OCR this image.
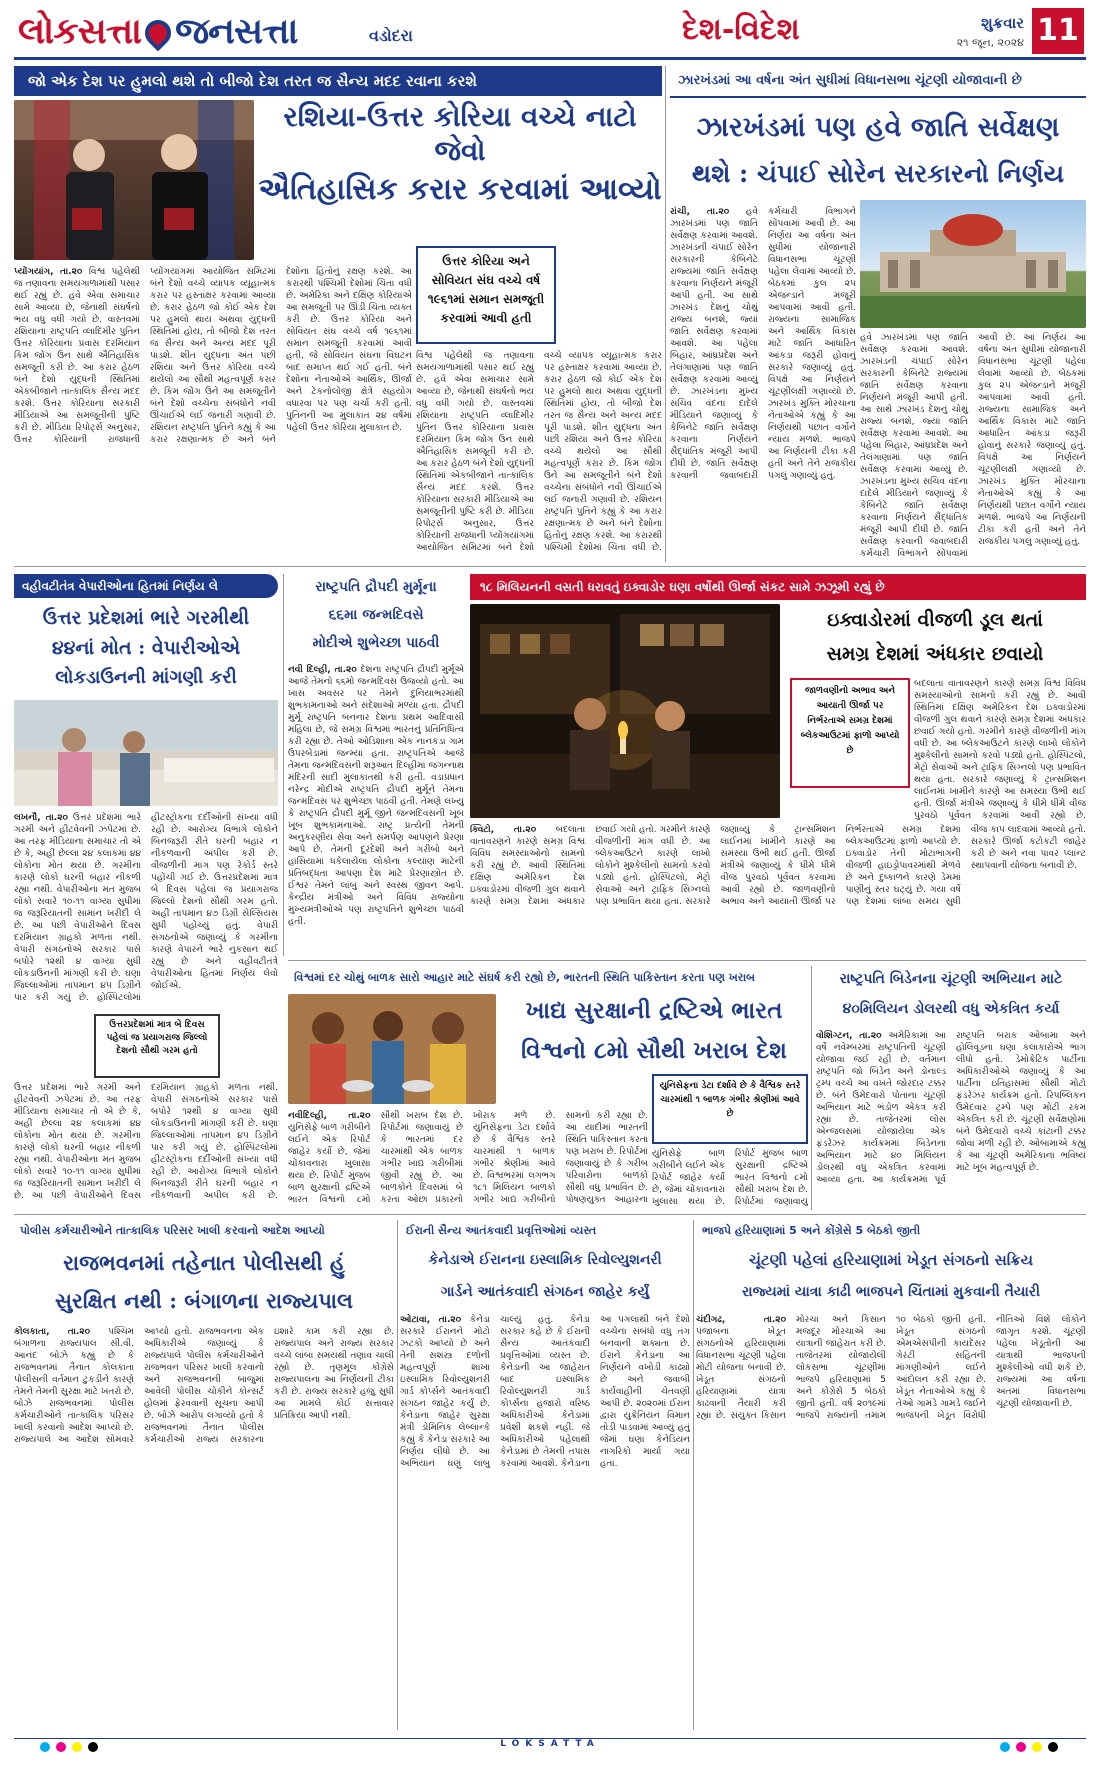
લોકસત્તા જનસત્તા	વડોદરા	દેશ-વિદેશ	શુક્રવાર
૨૧ જૂન, ૨૦૨૪ 11
જો એક દેશ પર હુમલો થશે તો બીજો દેશ તરત જ સૈન્ય મદદ રવાના કરશે
રશિયા-ઉત્તર કોરિયા વચ્ચે નાટો જેવો
ઐતિહાસિક કરાર કરવામાં આવ્યો
ઉત્તર કોરિયા અને સોવિયત સંઘ વચ્ચે વર્ષ ૧૯૬૧માં સમાન સમજૂતી કરવામાં આવી હતી
પ્યોંગયાંગ, તા.૨૦ વિશ્વ પહેલેથી જ તણાવના સમયગાળામાંથી પસાર થઈ રહ્યું છે. હવે એવા સમાચાર સામે આવ્યા છે, જેનાથી સંઘર્ષનો ભય વધુ વધી ગયો છે. વાસ્તવમાં રશિયાના રાષ્ટ્રપતિ વ્લાદિમીર પુતિન ઉત્તર કોરિયાના પ્રવાસ દરમિયાન કિમ જોંગ ઉન સાથે ઐતિહાસિક સમજૂતી કરી છે. આ કરાર હેઠળ બંને દેશો યુદ્ધની સ્થિતિમાં એકબીજાને તાત્કાલિક સૈન્ય મદદ કરશે. ઉત્તર કોરિયાના સરકારી મીડિયાએ આ સમજૂતીની પુષ્ટિ કરી છે. મીડિયા રિપોર્ટ્સ અનુસાર, ઉત્તર કોરિયાની રાજધાની પ્યોંગયાંગમાં આયોજિત સમિટમાં બંને દેશો વચ્ચે વ્યાપક વ્યૂહાત્મક કરાર પર હસ્તાક્ષર કરવામાં આવ્યા છે. કરાર હેઠળ જો કોઈ એક દેશ પર હુમલો થાય અથવા યુદ્ધની સ્થિતિમાં હોય, તો બીજો દેશ તરત જ સૈન્ય અને અન્ય મદદ પૂરી પાડશે. શીત યુદ્ધના અંત પછી રશિયા અને ઉત્તર કોરિયા વચ્ચે થયેલો આ સૌથી મહત્વપૂર્ણ કરાર છે. કિમ જોંગ ઉને આ સમજૂતીને બંને દેશો વચ્ચેના સંબંધોને નવી ઊંચાઈએ લઈ જનારી ગણાવી છે. રશિયન રાષ્ટ્રપતિ પુતિને કહ્યું કે આ કરાર રક્ષણાત્મક છે અને બંને દેશોના હિતોનું રક્ષણ કરશે. આ કરારથી પશ્ચિમી દેશોમાં ચિંતા વધી છે. અમેરિકા અને દક્ષિણ કોરિયાએ આ સમજૂતી પર ઊંડી ચિંતા વ્યક્ત કરી છે. ઉત્તર કોરિયા અને સોવિયત સંઘ વચ્ચે વર્ષ ૧૯૬૧માં સમાન સમજૂતી કરવામાં આવી હતી, જે સોવિયત સંઘના વિઘટન બાદ સમાપ્ત થઈ ગઈ હતી. બંને દેશોના નેતાઓએ આર્થિક, ઊર્જા અને ટેકનોલોજી ક્ષેત્રે સહયોગ વધારવા પર પણ ચર્ચા કરી હતી. પુતિનની આ મુલાકાત ૨૪ વર્ષમાં પહેલી ઉત્તર કોરિયા મુલાકાત છે.
વિશ્વ પહેલેથી જ તણાવના સમયગાળામાંથી પસાર થઈ રહ્યું છે. હવે એવા સમાચાર સામે આવ્યા છે, જેનાથી સંઘર્ષનો ભય વધુ વધી ગયો છે. વાસ્તવમાં રશિયાના રાષ્ટ્રપતિ વ્લાદિમીર પુતિન ઉત્તર કોરિયાના પ્રવાસ દરમિયાન કિમ જોંગ ઉન સાથે ઐતિહાસિક સમજૂતી કરી છે. આ કરાર હેઠળ બંને દેશો યુદ્ધની સ્થિતિમાં એકબીજાને તાત્કાલિક સૈન્ય મદદ કરશે. ઉત્તર કોરિયાના સરકારી મીડિયાએ આ સમજૂતીની પુષ્ટિ કરી છે. મીડિયા રિપોર્ટ્સ અનુસાર, ઉત્તર કોરિયાની રાજધાની પ્યોંગયાંગમાં આયોજિત સમિટમાં બંને દેશો વચ્ચે વ્યાપક વ્યૂહાત્મક કરાર પર હસ્તાક્ષર કરવામાં આવ્યા છે. કરાર હેઠળ જો કોઈ એક દેશ પર હુમલો થાય અથવા યુદ્ધની સ્થિતિમાં હોય, તો બીજો દેશ તરત જ સૈન્ય અને અન્ય મદદ પૂરી પાડશે. શીત યુદ્ધના અંત પછી રશિયા અને ઉત્તર કોરિયા વચ્ચે થયેલો આ સૌથી મહત્વપૂર્ણ કરાર છે. કિમ જોંગ ઉને આ સમજૂતીને બંને દેશો વચ્ચેના સંબંધોને નવી ઊંચાઈએ લઈ જનારી ગણાવી છે. રશિયન રાષ્ટ્રપતિ પુતિને કહ્યું કે આ કરાર રક્ષણાત્મક છે અને બંને દેશોના હિતોનું રક્ષણ કરશે. આ કરારથી પશ્ચિમી દેશોમાં ચિંતા વધી છે.
ઝારખંડમાં આ વર્ષના અંત સુધીમાં વિધાનસભા ચૂંટણી યોજાવાની છે
ઝારખંડમાં પણ હવે જાતિ સર્વેક્ષણ
થશે : ચંપાઈ સોરેન સરકારનો નિર્ણય
રાંચી, તા.૨૦ હવે ઝારખંડમાં પણ જાતિ સર્વેક્ષણ કરવામાં આવશે. ઝારખંડની ચંપાઈ સોરેન સરકારની કેબિનેટે રાજ્યમાં જાતિ સર્વેક્ષણ કરવાના નિર્ણયને મંજૂરી આપી હતી. આ સાથે ઝારખંડ દેશનું ચોથું રાજ્ય બનશે, જ્યાં જાતિ સર્વેક્ષણ કરવામાં આવશે. આ પહેલા બિહાર, આંધ્રપ્રદેશ અને તેલંગાણામાં પણ જાતિ સર્વેક્ષણ કરવામાં આવ્યું છે. ઝારખંડના મુખ્ય સચિવ વંદના દાદેલે મીડિયાને જણાવ્યું કે કેબિનેટે જાતિ સર્વેક્ષણ કરવાના નિર્ણયને સૈદ્ધાંતિક મંજૂરી આપી દીધી છે. જાતિ સર્વેક્ષણ કરવાની જવાબદારી કર્મચારી વિભાગને સોંપવામાં આવી છે. આ નિર્ણય આ વર્ષના અંત સુધીમાં યોજાનારી વિધાનસભા ચૂંટણી પહેલા લેવામાં આવ્યો છે. બેઠકમાં કુલ ૨૫ એજન્ડાને મંજૂરી આપવામાં આવી હતી. રાજ્યના સામાજિક અને આર્થિક વિકાસ માટે જાતિ આધારિત આંકડા જરૂરી હોવાનું સરકારે જણાવ્યું હતું. વિપક્ષે આ નિર્ણયને ચૂંટણીલક્ષી ગણાવ્યો છે. ઝારખંડ મુક્તિ મોરચાના નેતાઓએ કહ્યું કે આ નિર્ણયથી પછાત વર્ગોને ન્યાય મળશે. ભાજપે આ નિર્ણયની ટીકા કરી હતી અને તેને રાજકીય પગલું ગણાવ્યું હતું.
હવે ઝારખંડમાં પણ જાતિ સર્વેક્ષણ કરવામાં આવશે. ઝારખંડની ચંપાઈ સોરેન સરકારની કેબિનેટે રાજ્યમાં જાતિ સર્વેક્ષણ કરવાના નિર્ણયને મંજૂરી આપી હતી. આ સાથે ઝારખંડ દેશનું ચોથું રાજ્ય બનશે, જ્યાં જાતિ સર્વેક્ષણ કરવામાં આવશે. આ પહેલા બિહાર, આંધ્રપ્રદેશ અને તેલંગાણામાં પણ જાતિ સર્વેક્ષણ કરવામાં આવ્યું છે. ઝારખંડના મુખ્ય સચિવ વંદના દાદેલે મીડિયાને જણાવ્યું કે કેબિનેટે જાતિ સર્વેક્ષણ કરવાના નિર્ણયને સૈદ્ધાંતિક મંજૂરી આપી દીધી છે. જાતિ સર્વેક્ષણ કરવાની જવાબદારી કર્મચારી વિભાગને સોંપવામાં આવી છે. આ નિર્ણય આ વર્ષના અંત સુધીમાં યોજાનારી વિધાનસભા ચૂંટણી પહેલા લેવામાં આવ્યો છે. બેઠકમાં કુલ ૨૫ એજન્ડાને મંજૂરી આપવામાં આવી હતી. રાજ્યના સામાજિક અને આર્થિક વિકાસ માટે જાતિ આધારિત આંકડા જરૂરી હોવાનું સરકારે જણાવ્યું હતું. વિપક્ષે આ નિર્ણયને ચૂંટણીલક્ષી ગણાવ્યો છે. ઝારખંડ મુક્તિ મોરચાના નેતાઓએ કહ્યું કે આ નિર્ણયથી પછાત વર્ગોને ન્યાય મળશે. ભાજપે આ નિર્ણયની ટીકા કરી હતી અને તેને રાજકીય પગલું ગણાવ્યું હતું.
વહીવટીતંત્ર વેપારીઓના હિતમાં નિર્ણય લે
ઉત્તર પ્રદેશમાં ભારે ગરમીથી
૪૪નાં મોત : વેપારીઓએ
લોકડાઉનની માંગણી કરી
લખનૌ, તા.૨૦ ઉત્તર પ્રદેશમાં ભારે ગરમી અને હીટવેવની ઝપેટમાં છે. આ તરફ મીડિયાના સમાચાર તો એ છે કે, અહીં છેલ્લા ૨૪ કલાકમાં ૪૪ લોકોના મોત થયા છે. ગરમીના કારણે લોકો ઘરની બહાર નીકળી રહ્યા નથી. વેપારીઓના મત મુજબ લોકો સવારે ૧૦-૧૧ વાગ્યા સુધીમાં જ જરૂરિયાતની સામાન ખરીદી લે છે. આ પછી વેપારીઓને દિવસ દરમિયાન ગ્રાહકો મળતા નથી. વેપારી સંગઠનોએ સરકાર પાસે બપોરે ૧૨થી ૪ વાગ્યા સુધી લોકડાઉનની માંગણી કરી છે. ઘણા જિલ્લાઓમાં તાપમાન ૪૫ ડિગ્રીને પાર કરી ગયું છે. હોસ્પિટલોમાં હીટસ્ટ્રોકના દર્દીઓની સંખ્યા વધી રહી છે. આરોગ્ય વિભાગે લોકોને બિનજરૂરી રીતે ઘરની બહાર ન નીકળવાની અપીલ કરી છે. વીજળીની માંગ પણ રેકોર્ડ સ્તરે પહોંચી ગઈ છે. ઉત્તરપ્રદેશમાં માત્ર બે દિવસ પહેલાં જ પ્રયાગરાજ જિલ્લો દેશનો સૌથી ગરમ હતો. અહીં તાપમાન ૪૭ ડિગ્રી સેલ્સિયસ સુધી પહોંચ્યું હતું. વેપારી સંગઠનોએ જણાવ્યું કે ગરમીના કારણે વેપારને ભારે નુકસાન થઈ રહ્યું છે અને વહીવટીતંત્રે વેપારીઓના હિતમાં નિર્ણય લેવો જોઈએ.
ઉત્તરપ્રદેશમાં માત્ર બે દિવસ પહેલાં જ પ્રયાગરાજ જિલ્લો દેશનો સૌથી ગરમ હતો
ઉત્તર પ્રદેશમાં ભારે ગરમી અને હીટવેવની ઝપેટમાં છે. આ તરફ મીડિયાના સમાચાર તો એ છે કે, અહીં છેલ્લા ૨૪ કલાકમાં ૪૪ લોકોના મોત થયા છે. ગરમીના કારણે લોકો ઘરની બહાર નીકળી રહ્યા નથી. વેપારીઓના મત મુજબ લોકો સવારે ૧૦-૧૧ વાગ્યા સુધીમાં જ જરૂરિયાતની સામાન ખરીદી લે છે. આ પછી વેપારીઓને દિવસ દરમિયાન ગ્રાહકો મળતા નથી. વેપારી સંગઠનોએ સરકાર પાસે બપોરે ૧૨થી ૪ વાગ્યા સુધી લોકડાઉનની માંગણી કરી છે. ઘણા જિલ્લાઓમાં તાપમાન ૪૫ ડિગ્રીને પાર કરી ગયું છે. હોસ્પિટલોમાં હીટસ્ટ્રોકના દર્દીઓની સંખ્યા વધી રહી છે. આરોગ્ય વિભાગે લોકોને બિનજરૂરી રીતે ઘરની બહાર ન નીકળવાની અપીલ કરી છે.
રાષ્ટ્રપતિ દ્રૌપદી મુર્મૂના
૬૬મા જન્મદિવસે
મોદીએ શુભેચ્છા પાઠવી
નવી દિલ્હી, તા.૨૦ દેશના રાષ્ટ્રપતિ દ્રૌપદી મુર્મૂએ આજે તેમનો ૬૬મો જન્મદિવસ ઉજવ્યો હતો. આ ખાસ અવસર પર તેમને દુનિયાભરમાંથી શુભકામનાઓ અને સંદેશાઓ મળ્યા હતા. દ્રૌપદી મુર્મૂ રાષ્ટ્રપતિ બનનાર દેશના પ્રથમ આદિવાસી મહિલા છે, જે સમગ્ર વિશ્વમાં ભારતનું પ્રતિનિધિત્વ કરી રહ્યા છે. તેઓ ઓડિશાના એક નાનકડા ગામ ઉપરબેડામાં જન્મ્યા હતા. રાષ્ટ્રપતિએ આજે તેમના જન્મદિવસની શરૂઆત દિલ્હીમાં જગન્નાથ મંદિરની સાદી મુલાકાતથી કરી હતી. વડાપ્રધાન નરેન્દ્ર મોદીએ રાષ્ટ્રપતિ દ્રૌપદી મુર્મૂને તેમના જન્મદિવસ પર શુભેચ્છા પાઠવી હતી. તેમણે લખ્યું કે રાષ્ટ્રપતિ દ્રૌપદી મુર્મૂ જીને જન્મદિવસની ખૂબ ખૂબ શુભકામનાઓ. રાષ્ટ્ર પ્રત્યેની તેમની અનુકરણીય સેવા અને સમર્પણ આપણને પ્રેરણા આપે છે. તેમની દૂરંદેશી અને ગરીબો અને હાંસિયામાં ધકેલાયેલા લોકોના કલ્યાણ માટેની પ્રતિબદ્ધતા આપણા દેશ માટે પ્રેરણાસ્ત્રોત છે. ઈશ્વર તેમને લાંબુ અને સ્વસ્થ જીવન આપે. કેન્દ્રીય મંત્રીઓ અને વિવિધ રાજ્યોના મુખ્યમંત્રીઓએ પણ રાષ્ટ્રપતિને શુભેચ્છા પાઠવી હતી.
૧૮ મિલિયનની વસતી ધરાવતું ઇક્વાડોર ઘણા વર્ષોથી ઊર્જા સંકટ સામે ઝઝૂમી રહ્યું છે
ઇક્વાડોરમાં વીજળી ડૂલ થતાં
સમગ્ર દેશમાં અંધકાર છવાયો
જાળવણીનો અભાવ અને આયાતી ઊર્જા પર નિર્ભરતાએ સમગ્ર દેશમાં બ્લેકઆઉટમાં ફાળો આપ્યો છે
બદલાતા વાતાવરણને કારણે સમગ્ર વિશ્વ વિવિધ સમસ્યાઓનો સામનો કરી રહ્યું છે. આવી સ્થિતિમાં દક્ષિણ અમેરિકન દેશ ઇક્વાડોરમાં વીજળી ગુલ થવાને કારણે સમગ્ર દેશમાં અંધકાર છવાઈ ગયો હતો. ગરમીને કારણે વીજળીની માંગ વધી છે. આ બ્લેકઆઉટને કારણે લાખો લોકોને મુશ્કેલીનો સામનો કરવો પડ્યો હતો. હોસ્પિટલો, મેટ્રો સેવાઓ અને ટ્રાફિક સિગ્નલો પણ પ્રભાવિત થયા હતા. સરકારે જણાવ્યું કે ટ્રાન્સમિશન લાઈનમાં ખામીને કારણે આ સમસ્યા ઉભી થઈ હતી. ઊર્જા મંત્રીએ જણાવ્યું કે ધીમે ધીમે વીજ પુરવઠો પૂર્વવત કરવામાં આવી રહ્યો છે.
ક્વિટો, તા.૨૦ બદલાતા વાતાવરણને કારણે સમગ્ર વિશ્વ વિવિધ સમસ્યાઓનો સામનો કરી રહ્યું છે. આવી સ્થિતિમાં દક્ષિણ અમેરિકન દેશ ઇક્વાડોરમાં વીજળી ગુલ થવાને કારણે સમગ્ર દેશમાં અંધકાર છવાઈ ગયો હતો. ગરમીને કારણે વીજળીની માંગ વધી છે. આ બ્લેકઆઉટને કારણે લાખો લોકોને મુશ્કેલીનો સામનો કરવો પડ્યો હતો. હોસ્પિટલો, મેટ્રો સેવાઓ અને ટ્રાફિક સિગ્નલો પણ પ્રભાવિત થયા હતા. સરકારે જણાવ્યું કે ટ્રાન્સમિશન લાઈનમાં ખામીને કારણે આ સમસ્યા ઉભી થઈ હતી. ઊર્જા મંત્રીએ જણાવ્યું કે ધીમે ધીમે વીજ પુરવઠો પૂર્વવત કરવામાં આવી રહ્યો છે. જાળવણીનો અભાવ અને આયાતી ઊર્જા પર નિર્ભરતાએ સમગ્ર દેશમાં બ્લેકઆઉટમાં ફાળો આપ્યો છે. ઇક્વાડોર તેની મોટાભાગની વીજળી હાઇડ્રોપાવરમાંથી મેળવે છે અને દુષ્કાળને કારણે ડેમમાં પાણીનું સ્તર ઘટ્યું છે. ગયા વર્ષે પણ દેશમાં લાંબા સમય સુધી વીજ કાપ લાદવામાં આવ્યો હતો. સરકારે ઊર્જા કટોકટી જાહેર કરી છે અને નવા પાવર પ્લાન્ટ સ્થાપવાની યોજના બનાવી છે.
વિશ્વમાં દર ચોથું બાળક સારો આહાર માટે સંઘર્ષ કરી રહ્યો છે, ભારતની સ્થિતિ પાકિસ્તાન કરતા પણ ખરાબ
ખાદ્ય સુરક્ષાની દ્રષ્ટિએ ભારત
વિશ્વનો ૮મો સૌથી ખરાબ દેશ
યુનિસેફના ડેટા દર્શાવે છે કે વૈશ્વિક સ્તરે ચારમાંથી ૧ બાળક ગંભીર શ્રેણીમાં આવે છે
નવીદિલ્હી, તા.૨૦ યુનિસેફે બાળ ગરીબીને લઈને એક રિપોર્ટ જાહેર કર્યો છે, જેમાં ચોંકાવનારા ખુલાસા થયા છે. રિપોર્ટ મુજબ બાળ સુરક્ષાની દ્રષ્ટિએ ભારત વિશ્વનો ૮મો સૌથી ખરાબ દેશ છે. રિપોર્ટમાં જણાવાયું છે કે ભારતમાં દર ચારમાંથી એક બાળક ગંભીર ખાદ્ય ગરીબીમાં જીવી રહ્યું છે. આ બાળકોને દિવસમાં બે કરતા ઓછા પ્રકારનો ખોરાક મળે છે. યુનિસેફના ડેટા દર્શાવે છે કે વૈશ્વિક સ્તરે ચારમાંથી ૧ બાળક ગંભીર શ્રેણીમાં આવે છે. વિશ્વભરમાં લગભગ ૧૮૧ મિલિયન બાળકો ગંભીર ખાદ્ય ગરીબીનો સામનો કરી રહ્યા છે. આ યાદીમાં ભારતની સ્થિતિ પાકિસ્તાન કરતા પણ ખરાબ છે. રિપોર્ટમાં જણાવાયું છે કે ગરીબ પરિવારોના બાળકો સૌથી વધુ પ્રભાવિત છે. પોષણયુક્ત આહારના
યુનિસેફે બાળ ગરીબીને લઈને એક રિપોર્ટ જાહેર કર્યો છે, જેમાં ચોંકાવનારા ખુલાસા થયા છે. રિપોર્ટ મુજબ બાળ સુરક્ષાની દ્રષ્ટિએ ભારત વિશ્વનો ૮મો સૌથી ખરાબ દેશ છે. રિપોર્ટમાં જણાવાયું
રાષ્ટ્રપતિ બિડેનના ચૂંટણી અભિયાન માટે
૪૦મિલિયન ડોલરથી વધુ એકત્રિત કર્યા
વોશિંગ્ટન, તા.૨૦ અમેરિકામાં આ વર્ષે નવેમ્બરમાં રાષ્ટ્રપતિની ચૂંટણી યોજાવા જઈ રહી છે. વર્તમાન રાષ્ટ્રપતિ જો બિડેન અને ડોનાલ્ડ ટ્રમ્પ વચ્ચે આ વખતે જોરદાર ટક્કર છે. બંને ઉમેદવારો પોતાના ચૂંટણી અભિયાન માટે ભંડોળ એકત્ર કરી રહ્યા છે. તાજેતરમાં લોસ એન્જલસમાં યોજાયેલા એક ફંડરેઝર કાર્યક્રમમાં બિડેનના અભિયાન માટે ૪૦ મિલિયન ડોલરથી વધુ એકત્રિત કરવામાં આવ્યા હતા. આ કાર્યક્રમમાં પૂર્વ રાષ્ટ્રપતિ બરાક ઓબામા અને હોલિવૂડના ઘણા કલાકારોએ ભાગ લીધો હતો. ડેમોક્રેટિક પાર્ટીના અધિકારીઓએ જણાવ્યું કે આ પાર્ટીના ઇતિહાસમાં સૌથી મોટો ફંડરેઝર કાર્યક્રમ હતો. રિપબ્લિકન ઉમેદવાર ટ્રમ્પે પણ મોટી રકમ એકત્રિત કરી છે. ચૂંટણી સર્વેક્ષણોમાં બંને ઉમેદવારો વચ્ચે કાંટાની ટક્કર જોવા મળી રહી છે. ઓબામાએ કહ્યું કે આ ચૂંટણી અમેરિકાના ભવિષ્ય માટે ખૂબ મહત્વપૂર્ણ છે.
પોલીસ કર્મચારીઓને તાત્કાલિક પરિસર ખાલી કરવાનો આદેશ આપ્યો
રાજભવનમાં તહેનાત પોલીસથી હું
સુરક્ષિત નથી : બંગાળના રાજ્યપાલ
કોલકાતા, તા.૨૦ પશ્ચિમ બંગાળના રાજ્યપાલ સી.વી. આનંદ બોઝે કહ્યું છે કે રાજભવનમાં તૈનાત કોલકાતા પોલીસની વર્તમાન ટુકડીને કારણે તેમને તેમની સુરક્ષા માટે ખતરો છે. બોઝે રાજભવનમાં પોલીસ કર્મચારીઓને તાત્કાલિક પરિસર ખાલી કરવાનો આદેશ આપ્યો છે. રાજ્યપાલે આ આદેશ સોમવારે આપ્યો હતો. રાજભવનના એક અધિકારીએ જણાવ્યું કે રાજ્યપાલે પોલીસ કર્મચારીઓને રાજભવન પરિસર ખાલી કરવાનો અને રાજભવનની બાજુમાં આવેલી પોલીસ ચોકીને કોન્સર્ટ હોલમાં ફેરવવાની સૂચના આપી છે. બોઝે આરોપ લગાવ્યો હતો કે રાજભવનમાં તૈનાત પોલીસ કર્મચારીઓ રાજ્ય સરકારના ઇશારે કામ કરી રહ્યા છે. રાજ્યપાલ અને રાજ્ય સરકાર વચ્ચે લાંબા સમયથી તણાવ ચાલી રહ્યો છે. તૃણમૂલ કોંગ્રેસે રાજ્યપાલના આ નિર્ણયની ટીકા કરી છે. રાજ્ય સરકારે હજુ સુધી આ મામલે કોઈ સત્તાવાર પ્રતિક્રિયા આપી નથી.
ઈરાની સૈન્ય આતંકવાદી પ્રવૃત્તિઓમાં વ્યસ્ત
કેનેડાએ ઈરાનના ઇસ્લામિક રિવોલ્યુશનરી
ગાર્ડને આતંકવાદી સંગઠન જાહેર કર્યું
ઓટાવા, તા.૨૦ કેનેડા સરકારે ઈરાનને મોટો ઝટકો આપ્યો છે અને તેની સશસ્ત્ર દળોની મહત્વપૂર્ણ શાખા ઇસ્લામિક રિવોલ્યુશનરી ગાર્ડ કોર્પ્સને આતંકવાદી સંગઠન જાહેર કર્યું છે. કેનેડાના જાહેર સુરક્ષા મંત્રી ડોમિનિક લેબ્લાન્કે કહ્યું કે કેનેડા સરકારે આ નિર્ણય લીધો છે. આ અભિયાન ઘણું લાંબુ ચાલ્યું હતું. કેનેડા સરકાર કહે છે કે ઈરાની સૈન્ય આતંકવાદી પ્રવૃત્તિઓમાં વ્યસ્ત છે. કેનેડાની આ જાહેરાત બાદ ઇસ્લામિક રિવોલ્યુશનરી ગાર્ડ કોર્પ્સના હજારો વરિષ્ઠ અધિકારીઓ કેનેડામાં પ્રવેશી શકશે નહીં. જે અધિકારીઓ પહેલાથી કેનેડામાં છે તેમની તપાસ કરવામાં આવશે. કેનેડાના આ પગલાથી બંને દેશો વચ્ચેના સંબંધો વધુ તંગ બનવાની શક્યતા છે. ઈરાને કેનેડાના આ નિર્ણયને વખોડી કાઢ્યો છે અને જવાબી કાર્યવાહીની ચેતવણી આપી છે. ૨૦૨૦માં ઈરાન દ્વારા યુક્રેનિયન વિમાન તોડી પાડવામાં આવ્યું હતું જેમાં ઘણા કેનેડિયન નાગરિકો માર્યા ગયા હતા.
ભાજપે હરિયાણામાં 5 અને કોંગ્રેસે 5 બેઠકો જીતી
ચૂંટણી પહેલાં હરિયાણામાં ખેડૂત સંગઠનો સક્રિય
રાજ્યમાં યાત્રા કાઢી ભાજપને ચિંતામાં મુકવાની તૈયારી
ચંદીગઢ, તા.૨૦ પંજાબના ખેડૂત સંગઠનોએ હરિયાણામાં વિધાનસભા ચૂંટણી પહેલા મોટી યોજના બનાવી છે. ખેડૂત સંગઠનો હરિયાણામાં યાત્રા કાઢવાની તૈયારી કરી રહ્યા છે. સંયુક્ત કિસાન મોરચા અને કિસાન મજદૂર મોરચાએ આ યાત્રાની જાહેરાત કરી છે. તાજેતરમાં યોજાયેલી લોકસભા ચૂંટણીમાં ભાજપે હરિયાણામાં 5 અને કોંગ્રેસે 5 બેઠકો જીતી હતી. વર્ષ ૨૦૧૯માં ભાજપે રાજ્યની તમામ ૧૦ બેઠકો જીતી હતી. ખેડૂત સંગઠનો એમએસપીની કાયદેસર ગેરંટી સહિતની માંગણીઓને લઈને આંદોલન કરી રહ્યા છે. ખેડૂત નેતાઓએ કહ્યું કે તેઓ ગામડે ગામડે જઈને ભાજપની ખેડૂત વિરોધી નીતિઓ વિશે લોકોને જાગૃત કરશે. ચૂંટણી પહેલા ખેડૂતોની આ યાત્રાથી ભાજપની મુશ્કેલીઓ વધી શકે છે. રાજ્યમાં આ વર્ષના અંતમાં વિધાનસભા ચૂંટણી યોજાવાની છે.
LOKSATTA
